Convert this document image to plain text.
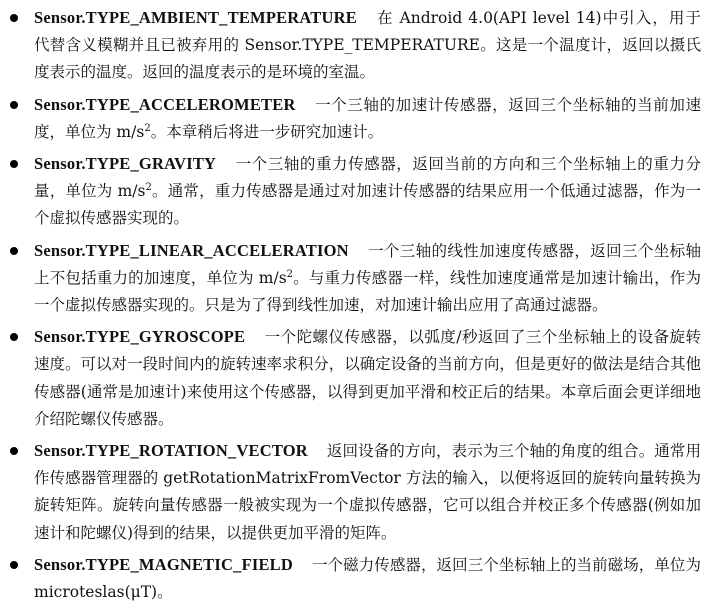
Sensor.TYPE_AMBIENT_TEMPERATURE 在 Android 4.0(API level 14)中引入，用于代替含义模糊并且已被弃用的 Sensor.TYPE_TEMPERATURE。这是一个温度计，返回以摄氏度表示的温度。返回的温度表示的是环境的室温。

Sensor.TYPE_ACCELEROMETER 一个三轴的加速计传感器，返回三个坐标轴的当前加速度，单位为 $m/s^2$。本章稍后将进一步研究加速计。

Sensor.TYPE_GRAVITY 一个三轴的重力传感器，返回当前的方向和三个坐标轴上的重力分量，单位为 $m/s^2$。通常，重力传感器是通过对加速计传感器的结果应用一个低通过滤器，作为一个虚拟传感器实现的。

Sensor.TYPE_LINEAR_ACCELERATION 一个三轴的线性加速度传感器，返回三个坐标轴上不包括重力的加速度，单位为 $m/s^2$。与重力传感器一样，线性加速度通常是加速计输出，作为一个虚拟传感器实现的。只是为了得到线性加速，对加速计输出应用了高通过滤器。

Sensor.TYPE_GYROSCOPE 一个陀螺仪传感器，以弧度/秒返回了三个坐标轴上的设备旋转速度。可以对一段时间内的旋转速率求积分，以确定设备的当前方向，但是更好的做法是结合其他传感器(通常是加速计)来使用这个传感器，以得到更加平滑和校正后的结果。本章后面会更详细地介绍陀螺仪传感器。

Sensor.TYPE_ROTATION_VECTOR 返回设备的方向，表示为三个轴的角度的组合。通常用作传感器管理器的 getRotationMatrixFromVector 方法的输入，以便将返回的旋转向量转换为旋转矩阵。旋转向量传感器一般被实现为一个虚拟传感器，它可以组合并校正多个传感器(例如加速计和陀螺仪)得到的结果，以提供更加平滑的矩阵。

Sensor.TYPE_MAGNETIC_FIELD 一个磁力传感器，返回三个坐标轴上的当前磁场，单位为 microteslas(μT)。
